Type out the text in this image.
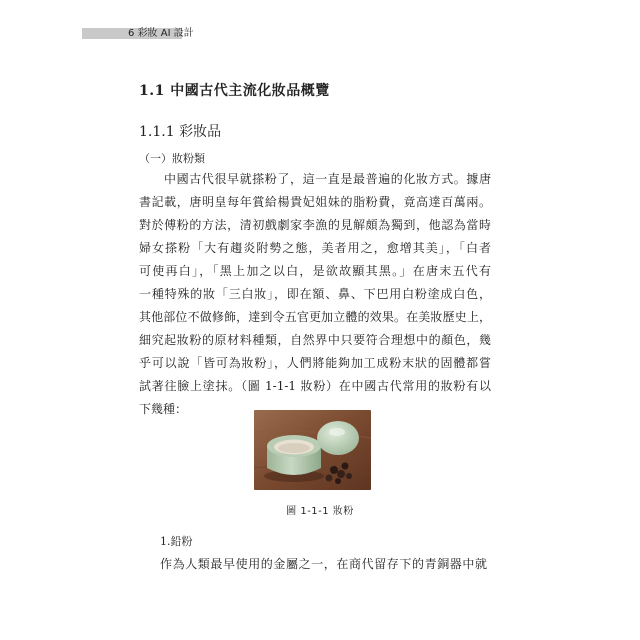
6 彩妝 AI 設計
1.1 中國古代主流化妝品概覽
1.1.1 彩妝品
（一）妝粉類
中國古代很早就搽粉了，這一直是最普遍的化妝方式。據唐
書記載，唐明皇每年賞給楊貴妃姐妹的脂粉費，竟高達百萬兩。
對於傅粉的方法，清初戲劇家李漁的見解頗為獨到，他認為當時
婦女搽粉「大有趨炎附勢之態，美者用之，愈增其美」，「白者
可使再白」，「黑上加之以白，是欲故顯其黑。」在唐末五代有
一種特殊的妝「三白妝」，即在額、鼻、下巴用白粉塗成白色，
其他部位不做修飾，達到令五官更加立體的效果。在美妝歷史上，
細究起妝粉的原材料種類，自然界中只要符合理想中的顏色，幾
乎可以說「皆可為妝粉」，人們將能夠加工成粉末狀的固體都嘗
試著往臉上塗抹。（圖 1-1-1 妝粉）在中國古代常用的妝粉有以
下幾種：
圖 1-1-1 妝粉
1.鉛粉
作為人類最早使用的金屬之一，在商代留存下的青銅器中就
